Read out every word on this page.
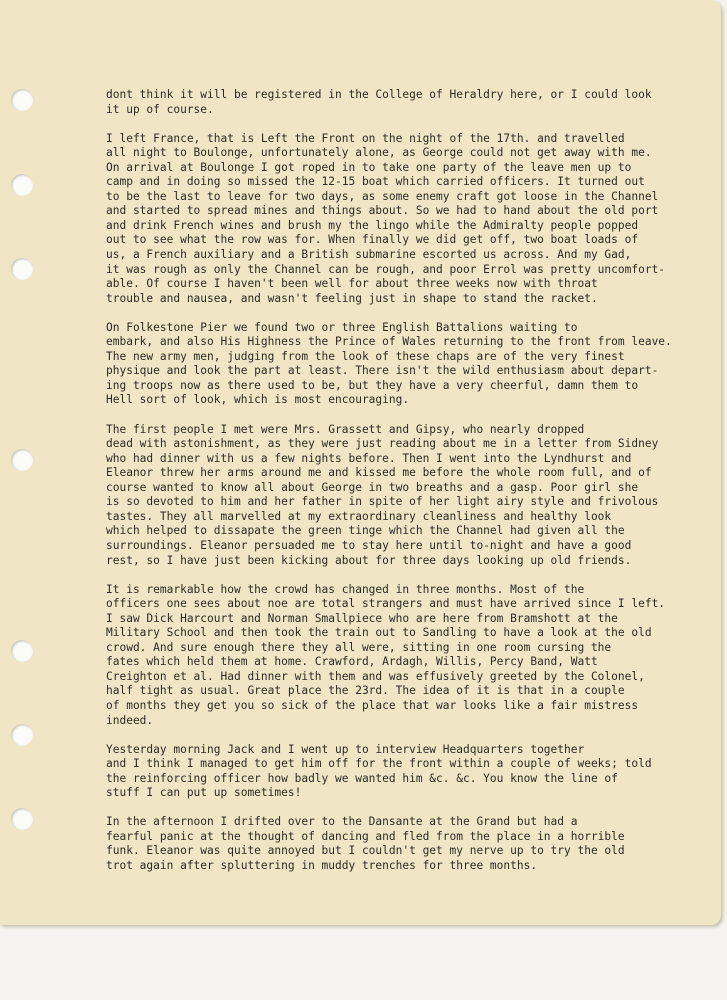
dont think it will be registered in the College of Heraldry here, or I could look
it up of course.

I left France, that is Left the Front on the night of the 17th. and travelled
all night to Boulonge, unfortunately alone, as George could not get away with me.
On arrival at Boulonge I got roped in to take one party of the leave men up to
camp and in doing so missed the 12-15 boat which carried officers. It turned out
to be the last to leave for two days, as some enemy craft got loose in the Channel
and started to spread mines and things about. So we had to hand about the old port
and drink French wines and brush my the lingo while the Admiralty people popped
out to see what the row was for. When finally we did get off, two boat loads of
us, a French auxiliary and a British submarine escorted us across. And my Gad,
it was rough as only the Channel can be rough, and poor Errol was pretty uncomfort-
able. Of course I haven't been well for about three weeks now with throat
trouble and nausea, and wasn't feeling just in shape to stand the racket.

On Folkestone Pier we found two or three English Battalions waiting to
embark, and also His Highness the Prince of Wales returning to the front from leave.
The new army men, judging from the look of these chaps are of the very finest
physique and look the part at least. There isn't the wild enthusiasm about depart-
ing troops now as there used to be, but they have a very cheerful, damn them to
Hell sort of look, which is most encouraging.

The first people I met were Mrs. Grassett and Gipsy, who nearly dropped
dead with astonishment, as they were just reading about me in a letter from Sidney
who had dinner with us a few nights before. Then I went into the Lyndhurst and
Eleanor threw her arms around me and kissed me before the whole room full, and of
course wanted to know all about George in two breaths and a gasp. Poor girl she
is so devoted to him and her father in spite of her light airy style and frivolous
tastes. They all marvelled at my extraordinary cleanliness and healthy look
which helped to dissapate the green tinge which the Channel had given all the
surroundings. Eleanor persuaded me to stay here until to-night and have a good
rest, so I have just been kicking about for three days looking up old friends.

It is remarkable how the crowd has changed in three months. Most of the
officers one sees about noe are total strangers and must have arrived since I left.
I saw Dick Harcourt and Norman Smallpiece who are here from Bramshott at the
Military School and then took the train out to Sandling to have a look at the old
crowd. And sure enough there they all were, sitting in one room cursing the
fates which held them at home. Crawford, Ardagh, Willis, Percy Band, Watt
Creighton et al. Had dinner with them and was effusively greeted by the Colonel,
half tight as usual. Great place the 23rd. The idea of it is that in a couple
of months they get you so sick of the place that war looks like a fair mistress
indeed.

Yesterday morning Jack and I went up to interview Headquarters together
and I think I managed to get him off for the front within a couple of weeks; told
the reinforcing officer how badly we wanted him &c. &c. You know the line of
stuff I can put up sometimes!

In the afternoon I drifted over to the Dansante at the Grand but had a
fearful panic at the thought of dancing and fled from the place in a horrible
funk. Eleanor was quite annoyed but I couldn't get my nerve up to try the old
trot again after spluttering in muddy trenches for three months.
